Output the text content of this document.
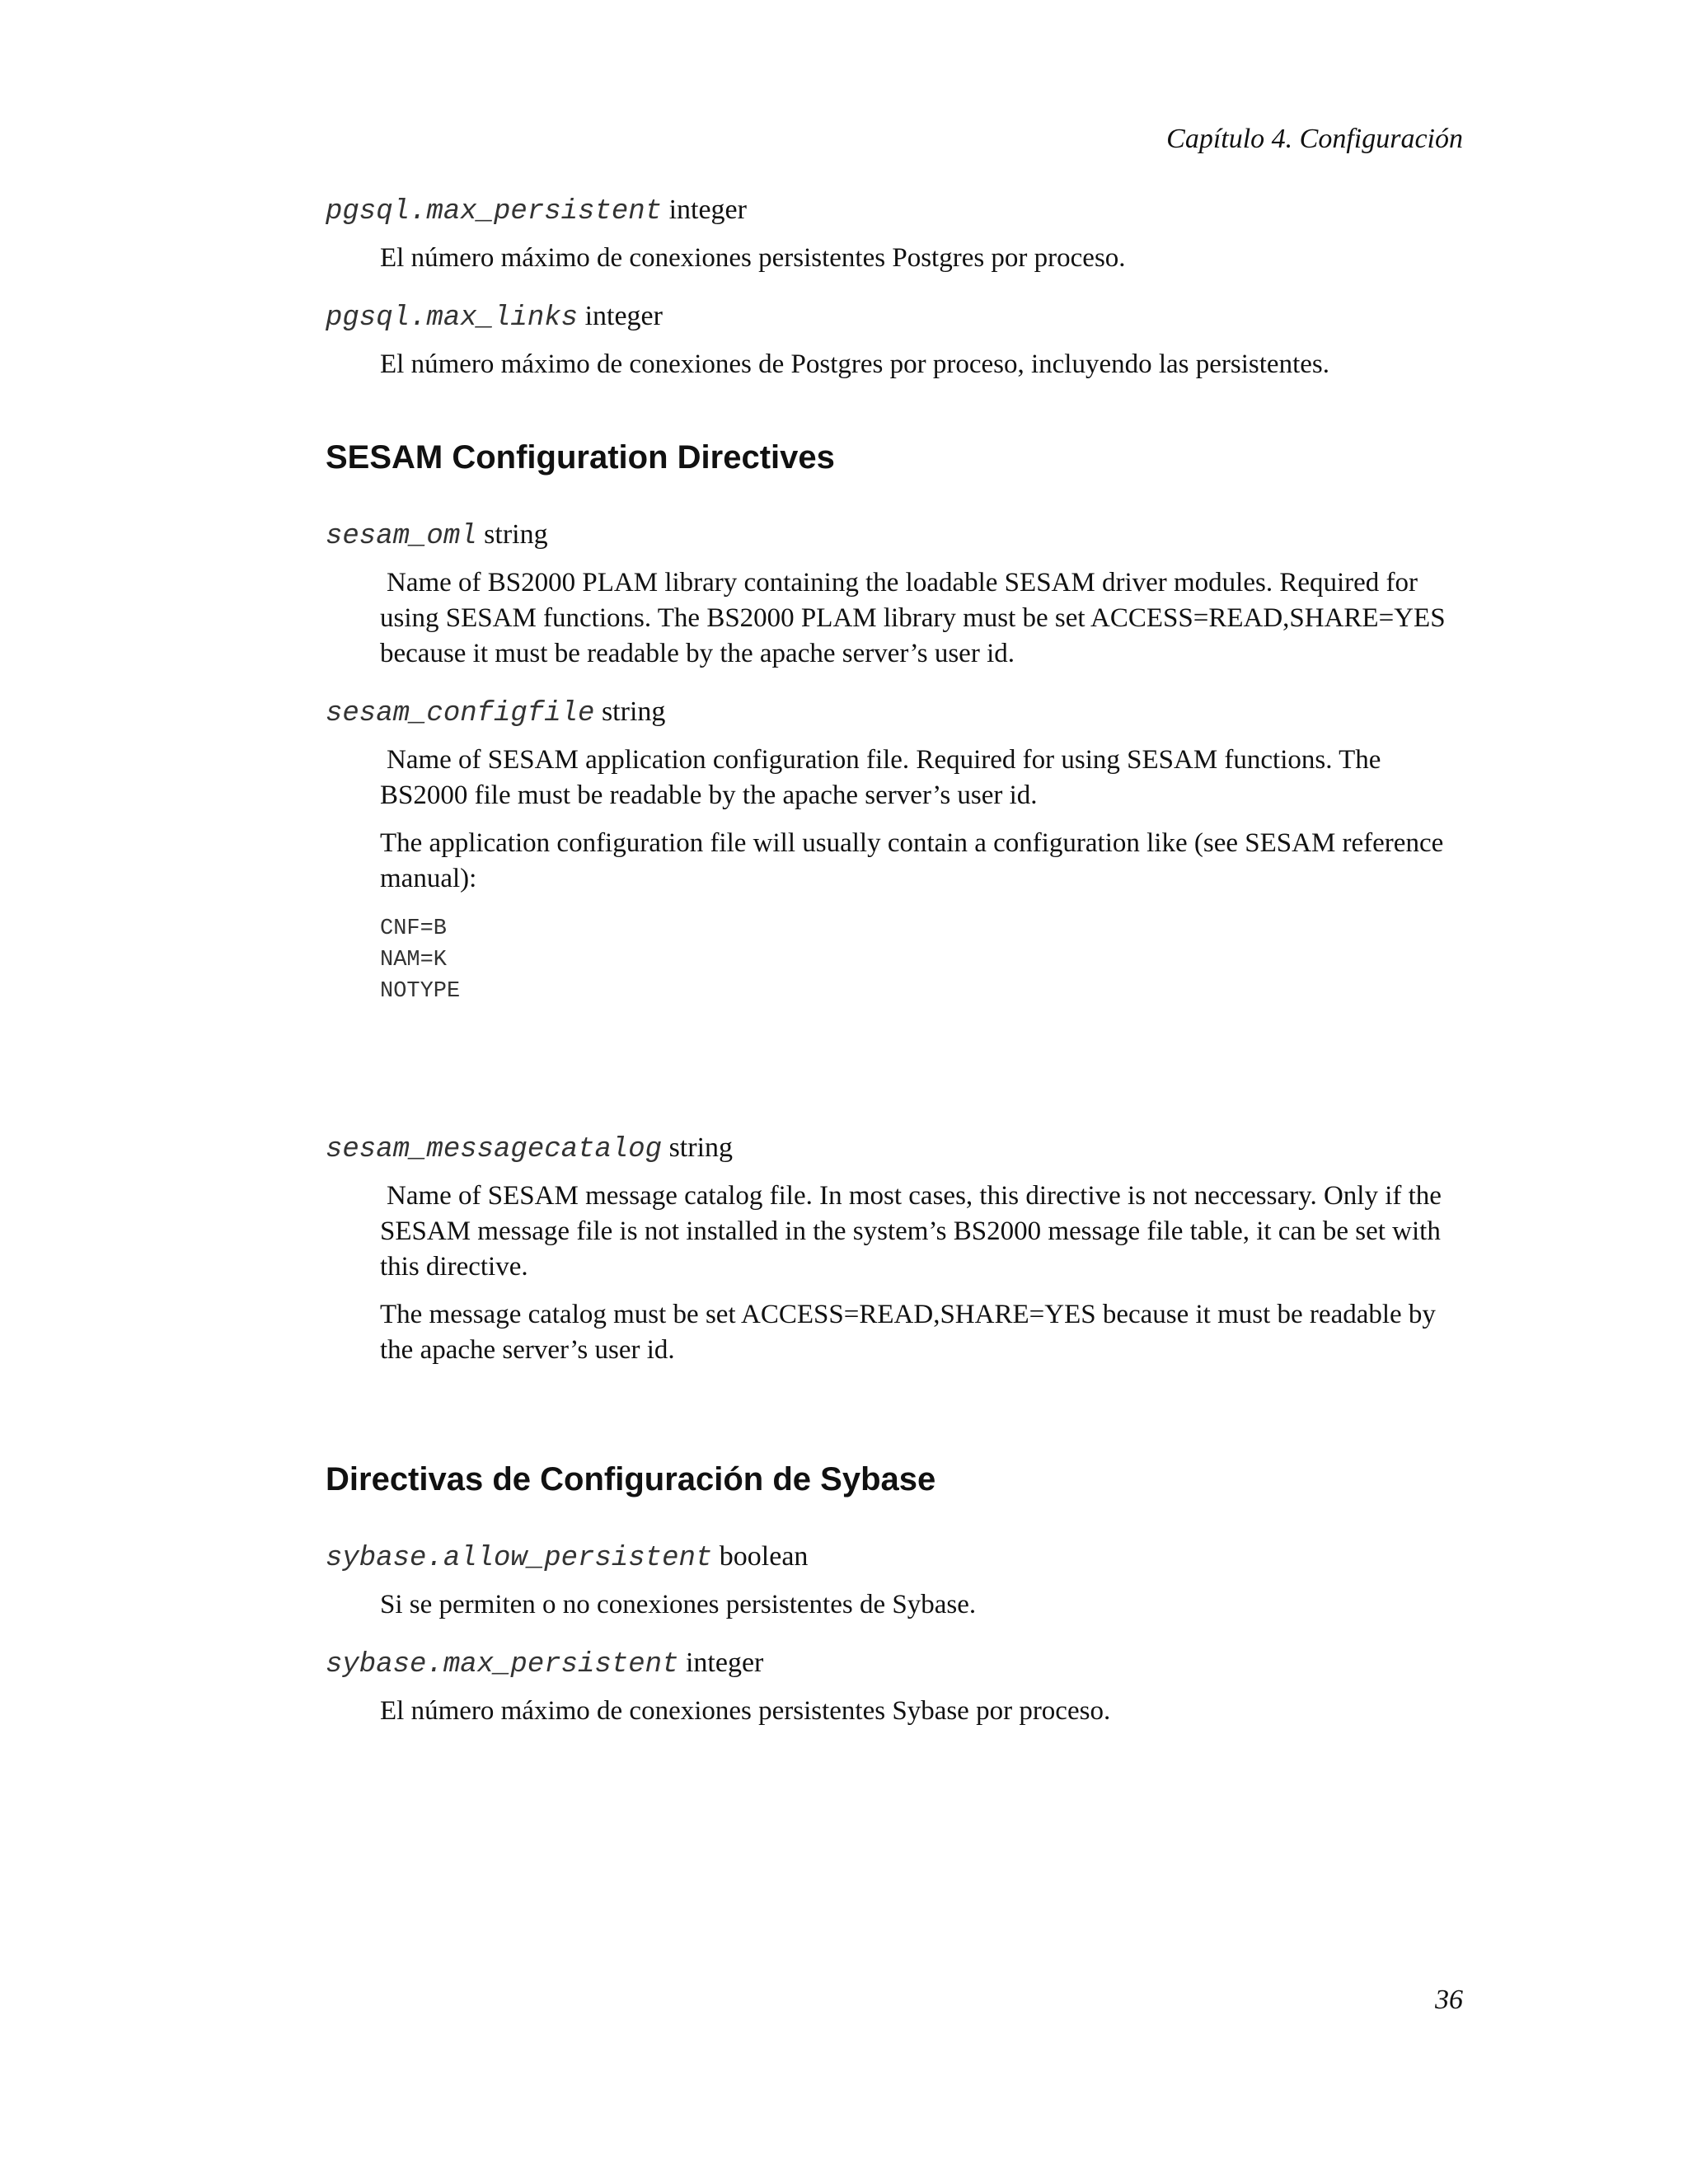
Capítulo 4. Configuración

pgsql.max_persistent integer

El número máximo de conexiones persistentes Postgres por proceso.

pgsql.max_links integer

El número máximo de conexiones de Postgres por proceso, incluyendo las persistentes.

SESAM Configuration Directives

sesam_oml string

Name of BS2000 PLAM library containing the loadable SESAM driver modules. Required for using SESAM functions. The BS2000 PLAM library must be set ACCESS=READ,SHARE=YES because it must be readable by the apache server’s user id.

sesam_configfile string

Name of SESAM application configuration file. Required for using SESAM functions. The BS2000 file must be readable by the apache server’s user id.

The application configuration file will usually contain a configuration like (see SESAM reference manual):

CNF=B
NAM=K
NOTYPE

sesam_messagecatalog string

Name of SESAM message catalog file. In most cases, this directive is not neccessary. Only if the SESAM message file is not installed in the system’s BS2000 message file table, it can be set with this directive.

The message catalog must be set ACCESS=READ,SHARE=YES because it must be readable by the apache server’s user id.

Directivas de Configuración de Sybase

sybase.allow_persistent boolean

Si se permiten o no conexiones persistentes de Sybase.

sybase.max_persistent integer

El número máximo de conexiones persistentes Sybase por proceso.

36
